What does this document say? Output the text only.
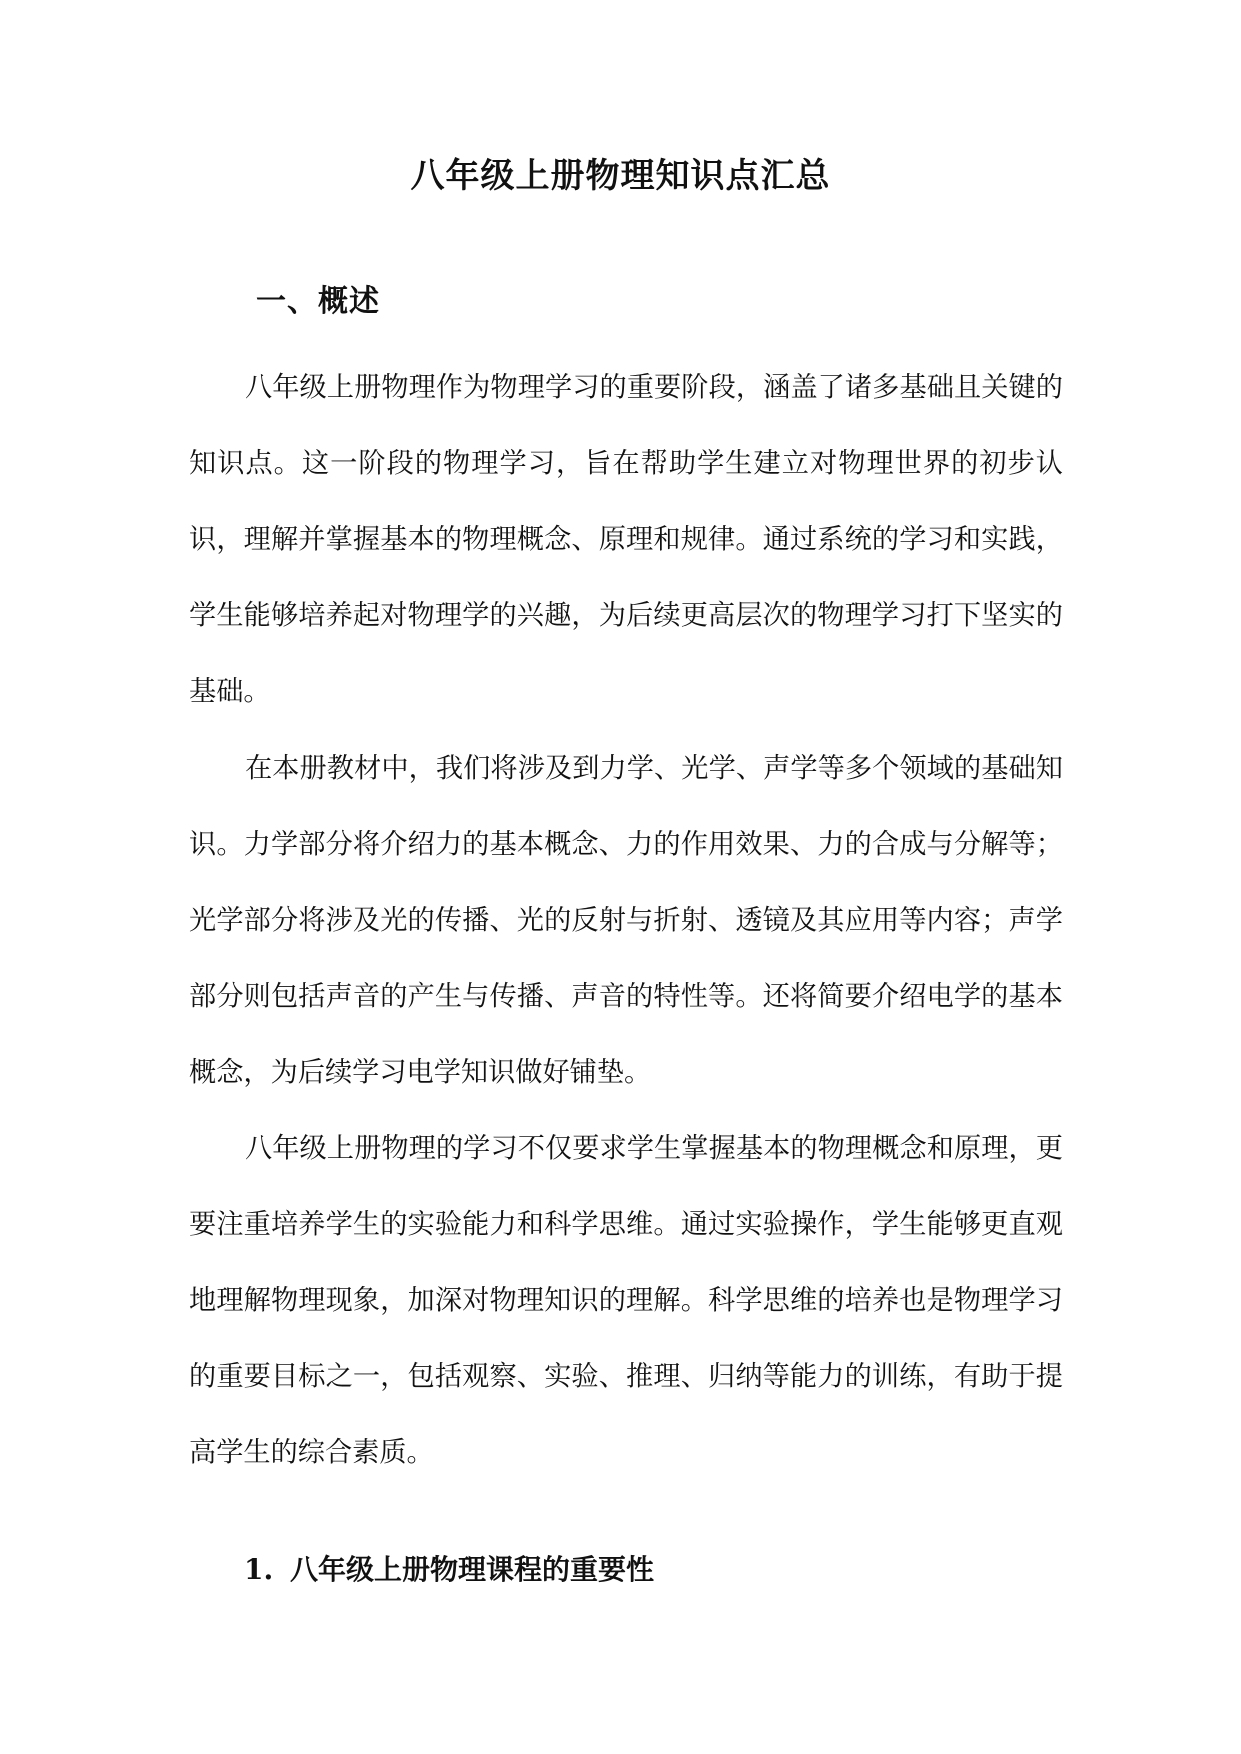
八年级上册物理知识点汇总
一、概述

八年级上册物理作为物理学习的重要阶段，涵盖了诸多基础且关键的知识点。这一阶段的物理学习，旨在帮助学生建立对物理世界的初步认识，理解并掌握基本的物理概念、原理和规律。通过系统的学习和实践，学生能够培养起对物理学的兴趣，为后续更高层次的物理学习打下坚实的基础。

在本册教材中，我们将涉及到力学、光学、声学等多个领域的基础知识。力学部分将介绍力的基本概念、力的作用效果、力的合成与分解等；光学部分将涉及光的传播、光的反射与折射、透镜及其应用等内容；声学部分则包括声音的产生与传播、声音的特性等。还将简要介绍电学的基本概念，为后续学习电学知识做好铺垫。

八年级上册物理的学习不仅要求学生掌握基本的物理概念和原理，更要注重培养学生的实验能力和科学思维。通过实验操作，学生能够更直观地理解物理现象，加深对物理知识的理解。科学思维的培养也是物理学习的重要目标之一，包括观察、实验、推理、归纳等能力的训练，有助于提高学生的综合素质。

1. 八年级上册物理课程的重要性
